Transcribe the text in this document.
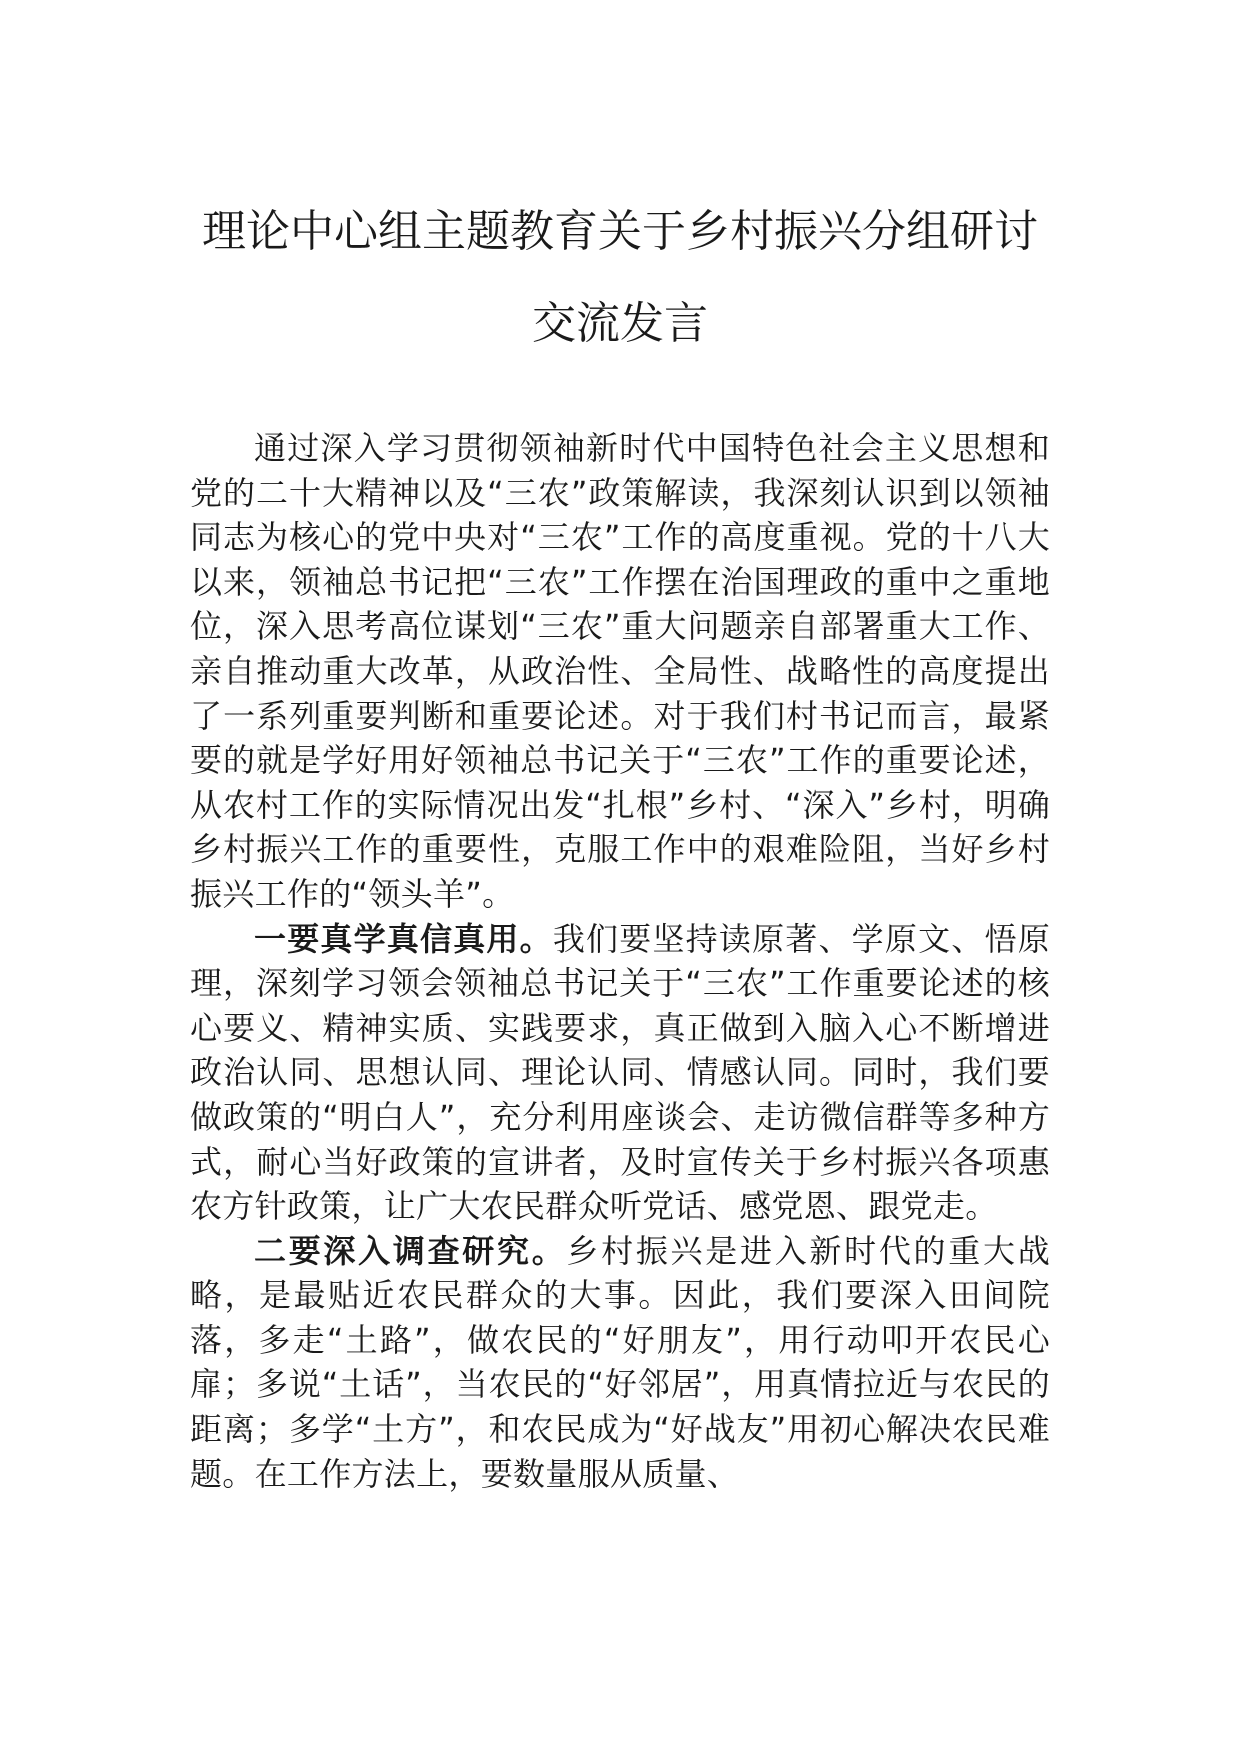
理论中心组主题教育关于乡村振兴分组研讨交流发言

通过深入学习贯彻领袖新时代中国特色社会主义思想和党的二十大精神以及“三农”政策解读，我深刻认识到以领袖同志为核心的党中央对“三农”工作的高度重视。党的十八大以来，领袖总书记把“三农”工作摆在治国理政的重中之重地位，深入思考高位谋划“三农”重大问题亲自部署重大工作、亲自推动重大改革，从政治性、全局性、战略性的高度提出了一系列重要判断和重要论述。对于我们村书记而言，最紧要的就是学好用好领袖总书记关于“三农”工作的重要论述，从农村工作的实际情况出发“扎根”乡村、“深入”乡村，明确乡村振兴工作的重要性，克服工作中的艰难险阻，当好乡村振兴工作的“领头羊”。

一要真学真信真用。我们要坚持读原著、学原文、悟原理，深刻学习领会领袖总书记关于“三农”工作重要论述的核心要义、精神实质、实践要求，真正做到入脑入心不断增进政治认同、思想认同、理论认同、情感认同。同时，我们要做政策的“明白人”，充分利用座谈会、走访微信群等多种方式，耐心当好政策的宣讲者，及时宣传关于乡村振兴各项惠农方针政策，让广大农民群众听党话、感党恩、跟党走。

二要深入调查研究。乡村振兴是进入新时代的重大战略，是最贴近农民群众的大事。因此，我们要深入田间院落，多走“土路”，做农民的“好朋友”，用行动叩开农民心扉；多说“土话”，当农民的“好邻居”，用真情拉近与农民的距离；多学“土方”，和农民成为“好战友”用初心解决农民难题。在工作方法上，要数量服从质量、
